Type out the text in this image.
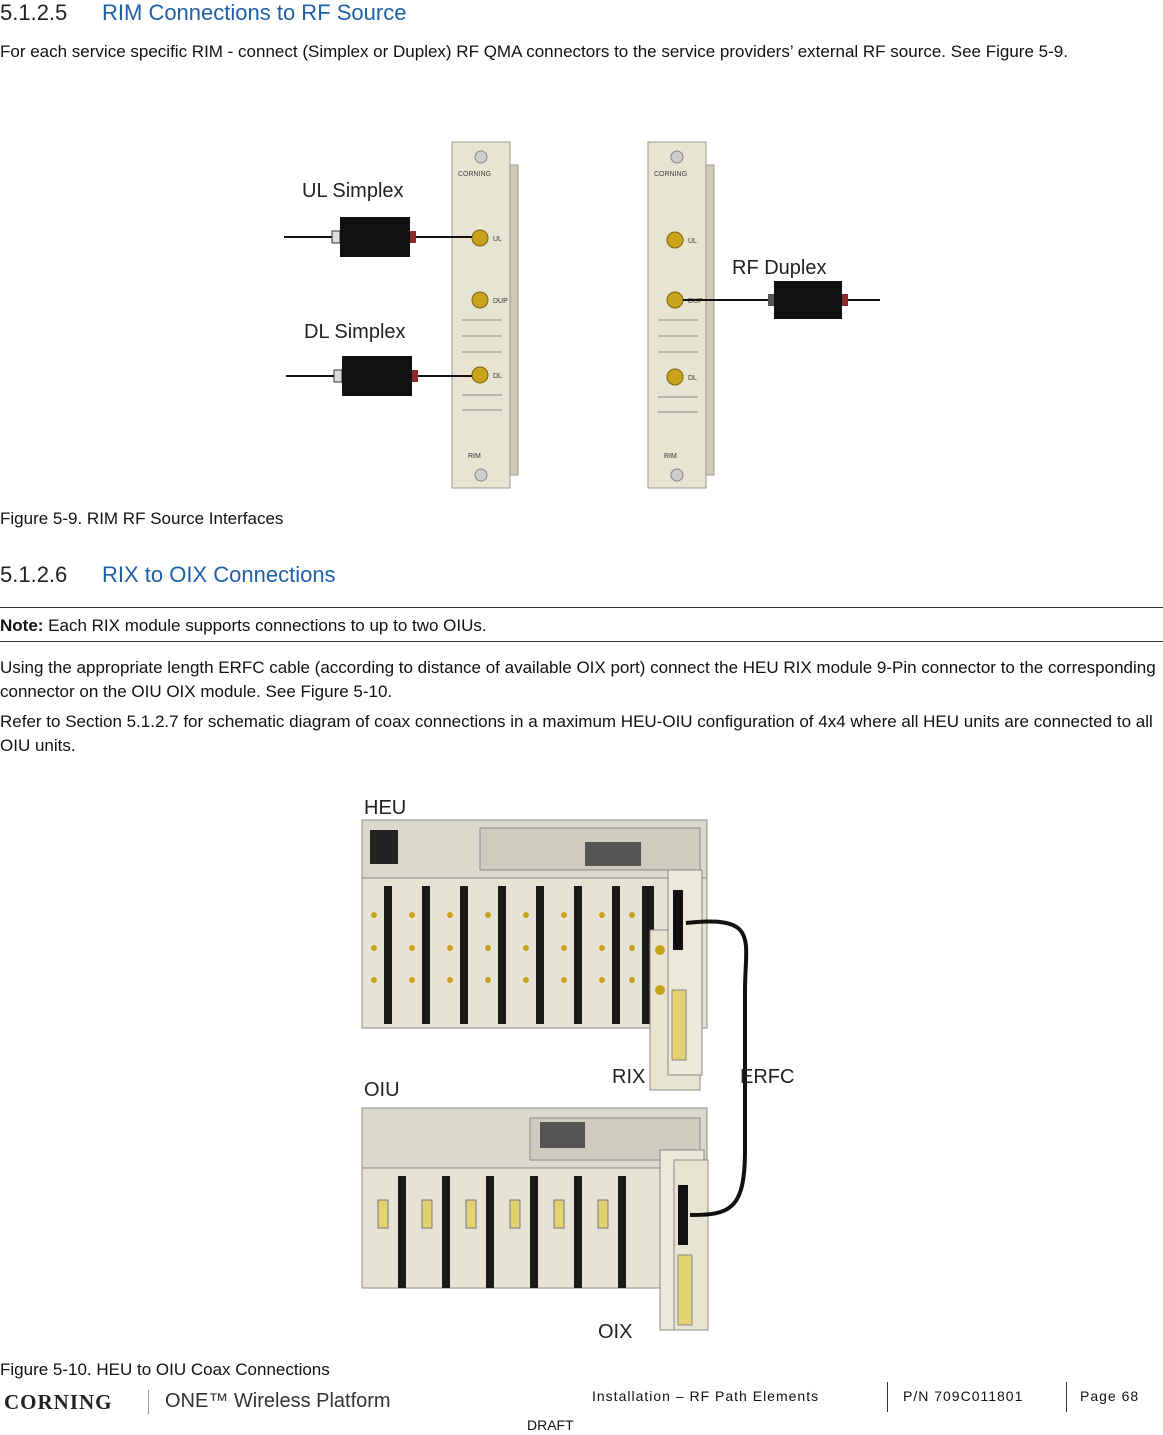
5.1.2.5 RIM Connections to RF Source
For each service specific RIM - connect (Simplex or Duplex) RF QMA connectors to the service providers’ external RF source. See Figure 5-9.
CORNING
UL
DUP
DL
RIM
CORNING
UL
DUP
DL
RIM
UL Simplex
DL Simplex
RF Duplex
Figure 5-9. RIM RF Source Interfaces
5.1.2.6 RIX to OIX Connections
Note: Each RIX module supports connections to up to two OIUs.
Using the appropriate length ERFC cable (according to distance of available OIX port) connect the HEU RIX module 9-Pin connector to the corresponding connector on the OIU OIX module. See Figure 5-10.
Refer to Section 5.1.2.7 for schematic diagram of coax connections in a maximum HEU-OIU configuration of 4x4 where all HEU units are connected to all OIU units.
HEU
OIU
RIX	ERFC
OIX
Figure 5-10. HEU to OIU Coax Connections
CORNING	ONE™ Wireless Platform	Installation – RF Path Elements	P/N 709C011801	Page 68
DRAFT
